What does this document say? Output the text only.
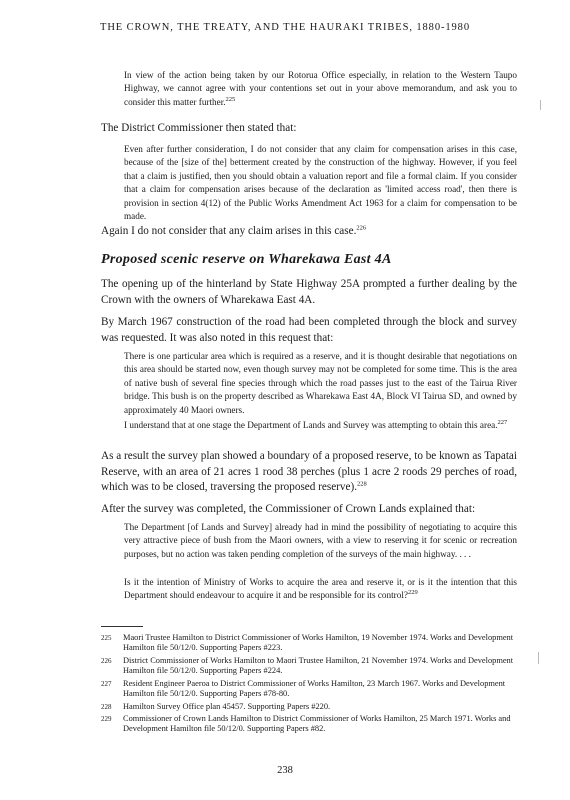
THE CROWN, THE TREATY, AND THE HAURAKI TRIBES, 1880-1980
In view of the action being taken by our Rotorua Office especially, in relation to the Western Taupo Highway, we cannot agree with your contentions set out in your above memorandum, and ask you to consider this matter further.$^{225}$
The District Commissioner then stated that:
Even after further consideration, I do not consider that any claim for compensation arises in this case, because of the [size of the] betterment created by the construction of the highway. However, if you feel that a claim is justified, then you should obtain a valuation report and file a formal claim. If you consider that a claim for compensation arises because of the declaration as 'limited access road', then there is provision in section 4(12) of the Public Works Amendment Act 1963 for a claim for compensation to be made.
Again I do not consider that any claim arises in this case.$^{226}$
Proposed scenic reserve on Wharekawa East 4A
The opening up of the hinterland by State Highway 25A prompted a further dealing by the Crown with the owners of Wharekawa East 4A.
By March 1967 construction of the road had been completed through the block and survey was requested. It was also noted in this request that:
There is one particular area which is required as a reserve, and it is thought desirable that negotiations on this area should be started now, even though survey may not be completed for some time. This is the area of native bush of several fine species through which the road passes just to the east of the Tairua River bridge. This bush is on the property described as Wharekawa East 4A, Block VI Tairua SD, and owned by approximately 40 Maori owners.
I understand that at one stage the Department of Lands and Survey was attempting to obtain this area.$^{227}$
As a result the survey plan showed a boundary of a proposed reserve, to be known as Tapatai Reserve, with an area of 21 acres 1 rood 38 perches (plus 1 acre 2 roods 29 perches of road, which was to be closed, traversing the proposed reserve).$^{228}$
After the survey was completed, the Commissioner of Crown Lands explained that:
The Department [of Lands and Survey] already had in mind the possibility of negotiating to acquire this very attractive piece of bush from the Maori owners, with a view to reserving it for scenic or recreation purposes, but no action was taken pending completion of the surveys of the main highway. . . .
Is it the intention of Ministry of Works to acquire the area and reserve it, or is it the intention that this Department should endeavour to acquire it and be responsible for its control?$^{229}$
225 Maori Trustee Hamilton to District Commissioner of Works Hamilton, 19 November 1974. Works and Development Hamilton file 50/12/0. Supporting Papers #223.
226 District Commissioner of Works Hamilton to Maori Trustee Hamilton, 21 November 1974. Works and Development Hamilton file 50/12/0. Supporting Papers #224.
227 Resident Engineer Paeroa to District Commissioner of Works Hamilton, 23 March 1967. Works and Development Hamilton file 50/12/0. Supporting Papers #78-80.
228 Hamilton Survey Office plan 45457. Supporting Papers #220.
229 Commissioner of Crown Lands Hamilton to District Commissioner of Works Hamilton, 25 March 1971. Works and Development Hamilton file 50/12/0. Supporting Papers #82.
238
